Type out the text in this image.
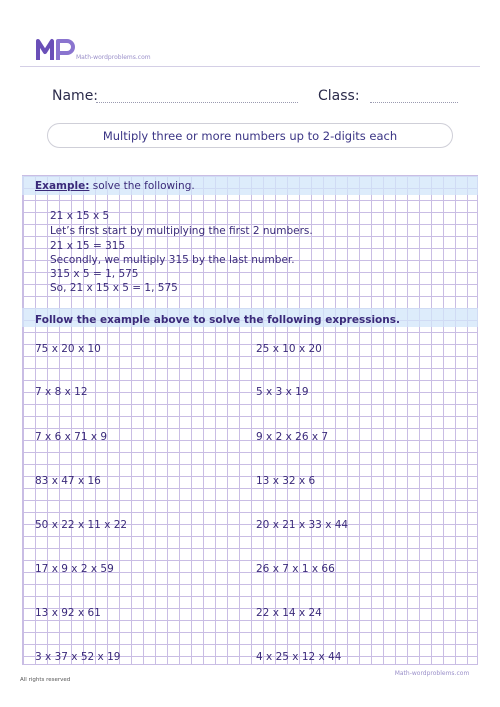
Math-wordproblems.com
Name:	Class:
Multiply three or more numbers up to 2-digits each
Example: solve the following.
21 x 15 x 5
Let’s first start by multiplying the first 2 numbers.
21 x 15 = 315
Secondly, we multiply 315 by the last number.
315 x 5 = 1, 575
So, 21 x 15 x 5 = 1, 575
Follow the example above to solve the following expressions.
75 x 20 x 10
7 x 8 x 12
7 x 6 x 71 x 9
83 x 47 x 16
50 x 22 x 11 x 22
17 x 9 x 2 x 59
13 x 92 x 61
3 x 37 x 52 x 19
25 x 10 x 20
5 x 3 x 19
9 x 2 x 26 x 7
13 x 32 x 6
20 x 21 x 33 x 44
26 x 7 x 1 x 66
22 x 14 x 24
4 x 25 x 12 x 44
Math-wordproblems.com
All rights reserved
